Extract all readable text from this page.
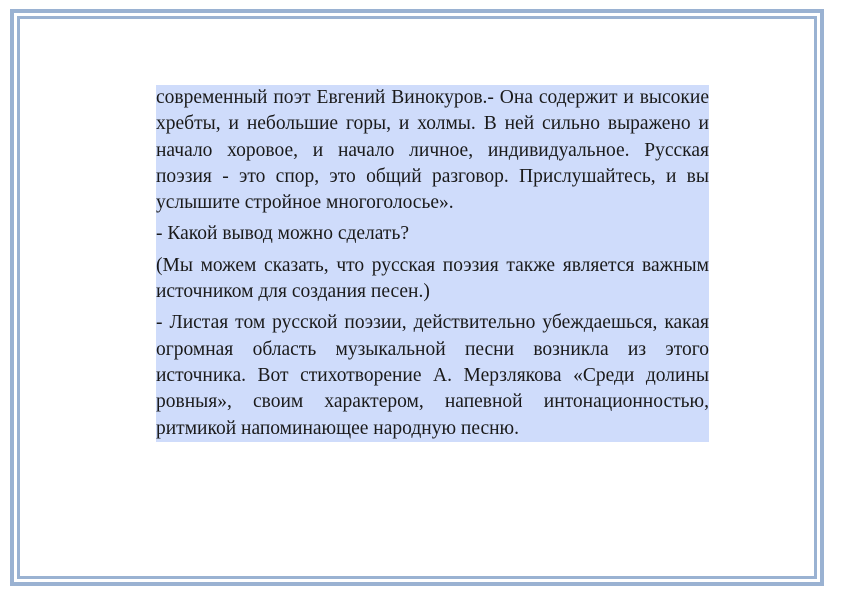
современный поэт Евгений Винокуров.- Она содержит и высокие хребты, и небольшие горы, и холмы. В ней сильно выражено и начало хоровое, и начало личное, индивидуальное. Русская поэзия - это спор, это общий разговор. Прислушайтесь, и вы услышите стройное многоголосье».

- Какой вывод можно сделать?

(Мы можем сказать, что русская поэзия также является важным источником для создания песен.)

- Листая том русской поэзии, действительно убеждаешься, какая огромная область музыкальной песни возникла из этого источника. Вот стихотворение А. Мерзлякова «Среди долины ровныя», своим характером, напевной интонационностью, ритмикой напоминающее народную песню.
